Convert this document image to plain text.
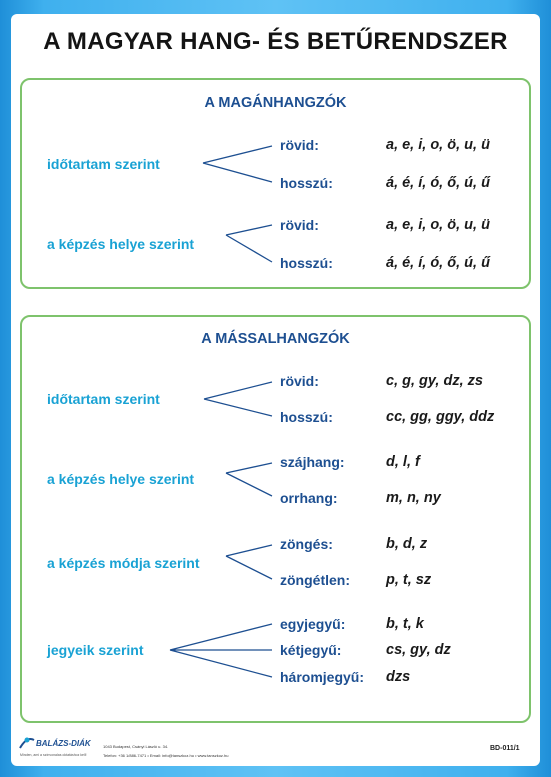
A MAGYAR HANG- ÉS BETŰRENDSZER
A MAGÁNHANGZÓK
A MÁSSALHANGZÓK
időtartam szerint
rövid:	a, e, i, o, ö, u, ü
hosszú:	á, é, í, ó, ő, ú, ű
a képzés helye szerint
rövid:	a, e, i, o, ö, u, ü
hosszú:	á, é, í, ó, ő, ú, ű
időtartam szerint
rövid:	c, g, gy, dz, zs
hosszú:	cc, gg, ggy, ddz
a képzés helye szerint
szájhang:	d, l, f
orrhang:	m, n, ny
a képzés módja szerint
zöngés:	b, d, z
zöngétlen: p, t, sz
jegyeik szerint
egyjegyű:	b, t, k
kétjegyű:	cs, gy, dz
háromjegyű: dzs
BALÁZS-DIÁK
Minden, ami a színvonalas oktatáshoz kell!
1043 Budapest, Csányi László u. 34.
Telefon: +36 1/886-7471 • Email: info@tanszkoz.hu • www.tanszkoz.hu
BD-011/1
